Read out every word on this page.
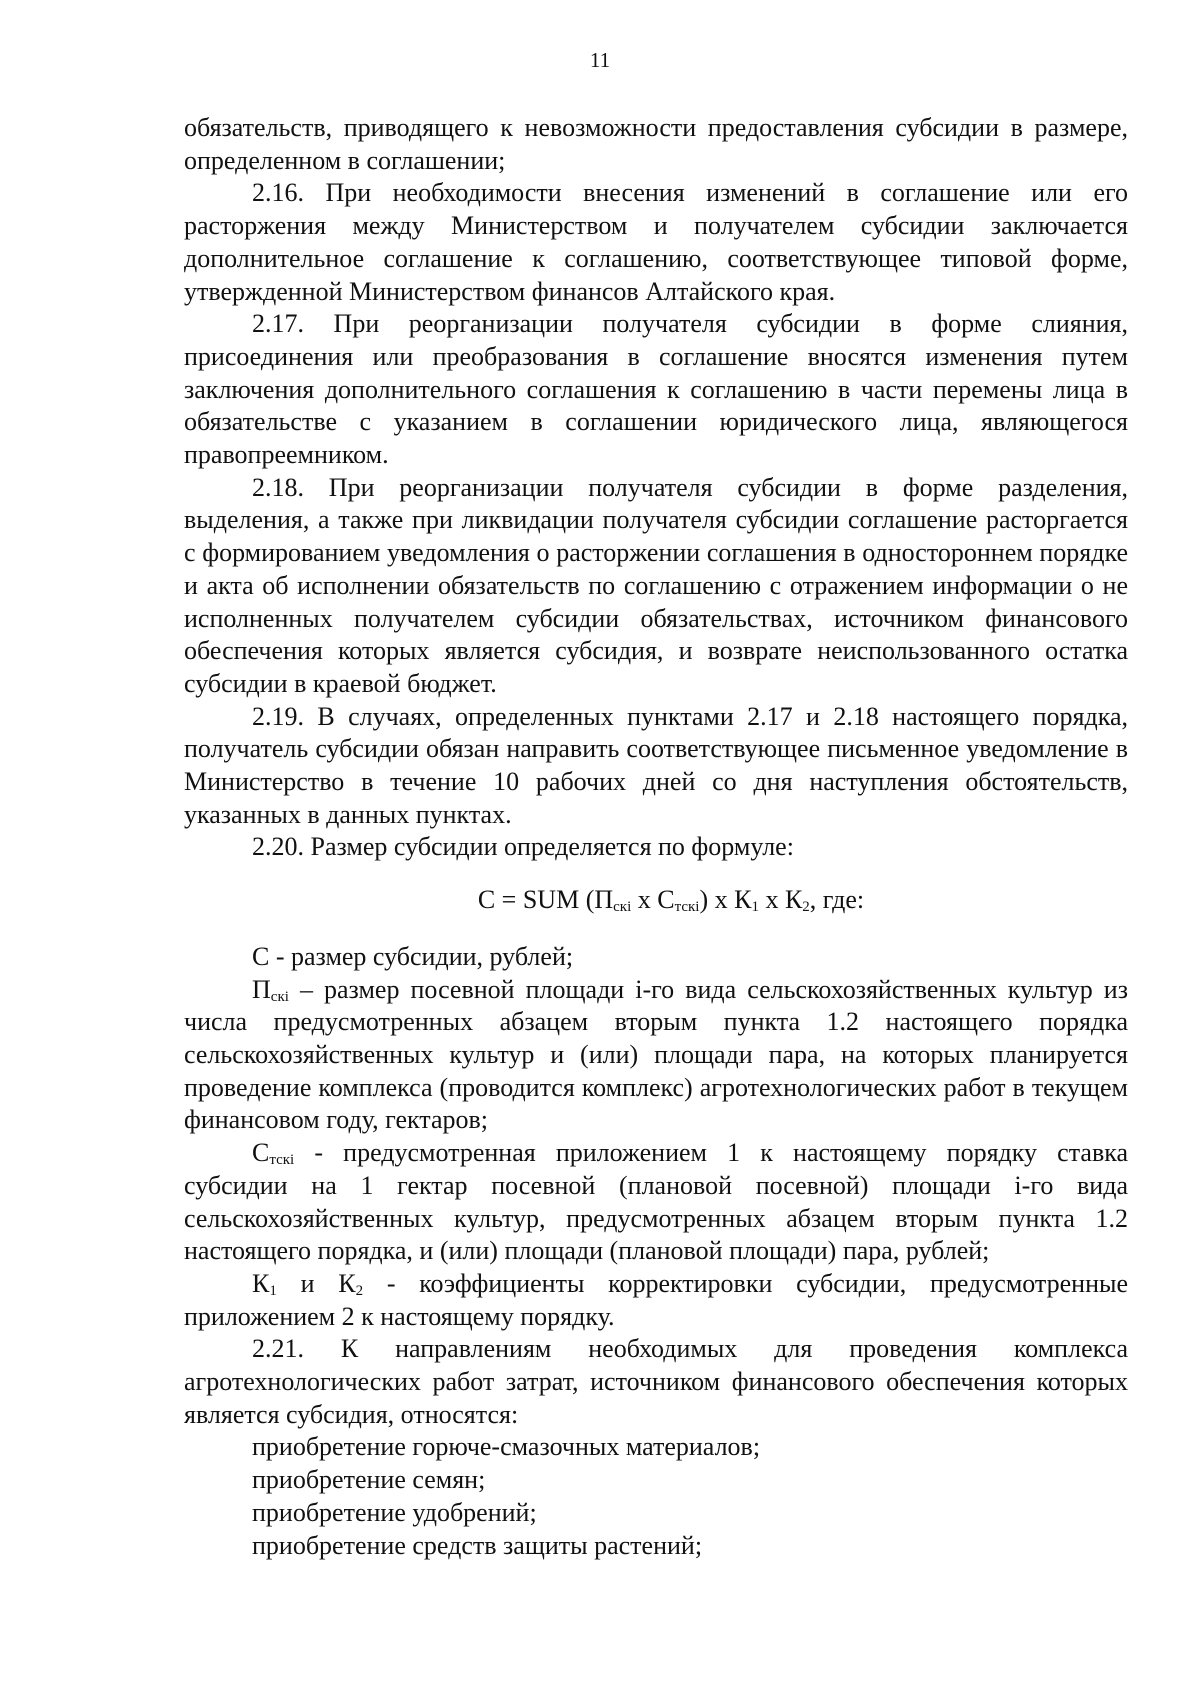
11

обязательств, приводящего к невозможности предоставления субсидии в размере, определенном в соглашении;

2.16. При необходимости внесения изменений в соглашение или его расторжения между Министерством и получателем субсидии заключается дополнительное соглашение к соглашению, соответствующее типовой форме, утвержденной Министерством финансов Алтайского края.

2.17. При реорганизации получателя субсидии в форме слияния, присоединения или преобразования в соглашение вносятся изменения путем заключения дополнительного соглашения к соглашению в части перемены лица в обязательстве с указанием в соглашении юридического лица, являющегося правопреемником.

2.18. При реорганизации получателя субсидии в форме разделения, выделения, а также при ликвидации получателя субсидии соглашение расторгается с формированием уведомления о расторжении соглашения в одностороннем порядке и акта об исполнении обязательств по соглашению с отражением информации о не исполненных получателем субсидии обязательствах, источником финансового обеспечения которых является субсидия, и возврате неиспользованного остатка субсидии в краевой бюджет.

2.19. В случаях, определенных пунктами 2.17 и 2.18 настоящего порядка, получатель субсидии обязан направить соответствующее письменное уведомление в Министерство в течение 10 рабочих дней со дня наступления обстоятельств, указанных в данных пунктах.

2.20. Размер субсидии определяется по формуле:

С = SUM ($П_{скi}$ х $С_{тскi}$) х $К_1$ х $К_2$, где:

С - размер субсидии, рублей;

$П_{скi}$ – размер посевной площади i-го вида сельскохозяйственных культур из числа предусмотренных абзацем вторым пункта 1.2 настоящего порядка сельскохозяйственных культур и (или) площади пара, на которых планируется проведение комплекса (проводится комплекс) агротехнологических работ в текущем финансовом году, гектаров;

$С_{тскi}$ - предусмотренная приложением 1 к настоящему порядку ставка субсидии на 1 гектар посевной (плановой посевной) площади i-го вида сельскохозяйственных культур, предусмотренных абзацем вторым пункта 1.2 настоящего порядка, и (или) площади (плановой площади) пара, рублей;

$К_1$ и $К_2$ - коэффициенты корректировки субсидии, предусмотренные приложением 2 к настоящему порядку.

2.21. К направлениям необходимых для проведения комплекса агротехнологических работ затрат, источником финансового обеспечения которых является субсидия, относятся:

приобретение горюче-смазочных материалов;

приобретение семян;

приобретение удобрений;

приобретение средств защиты растений;
